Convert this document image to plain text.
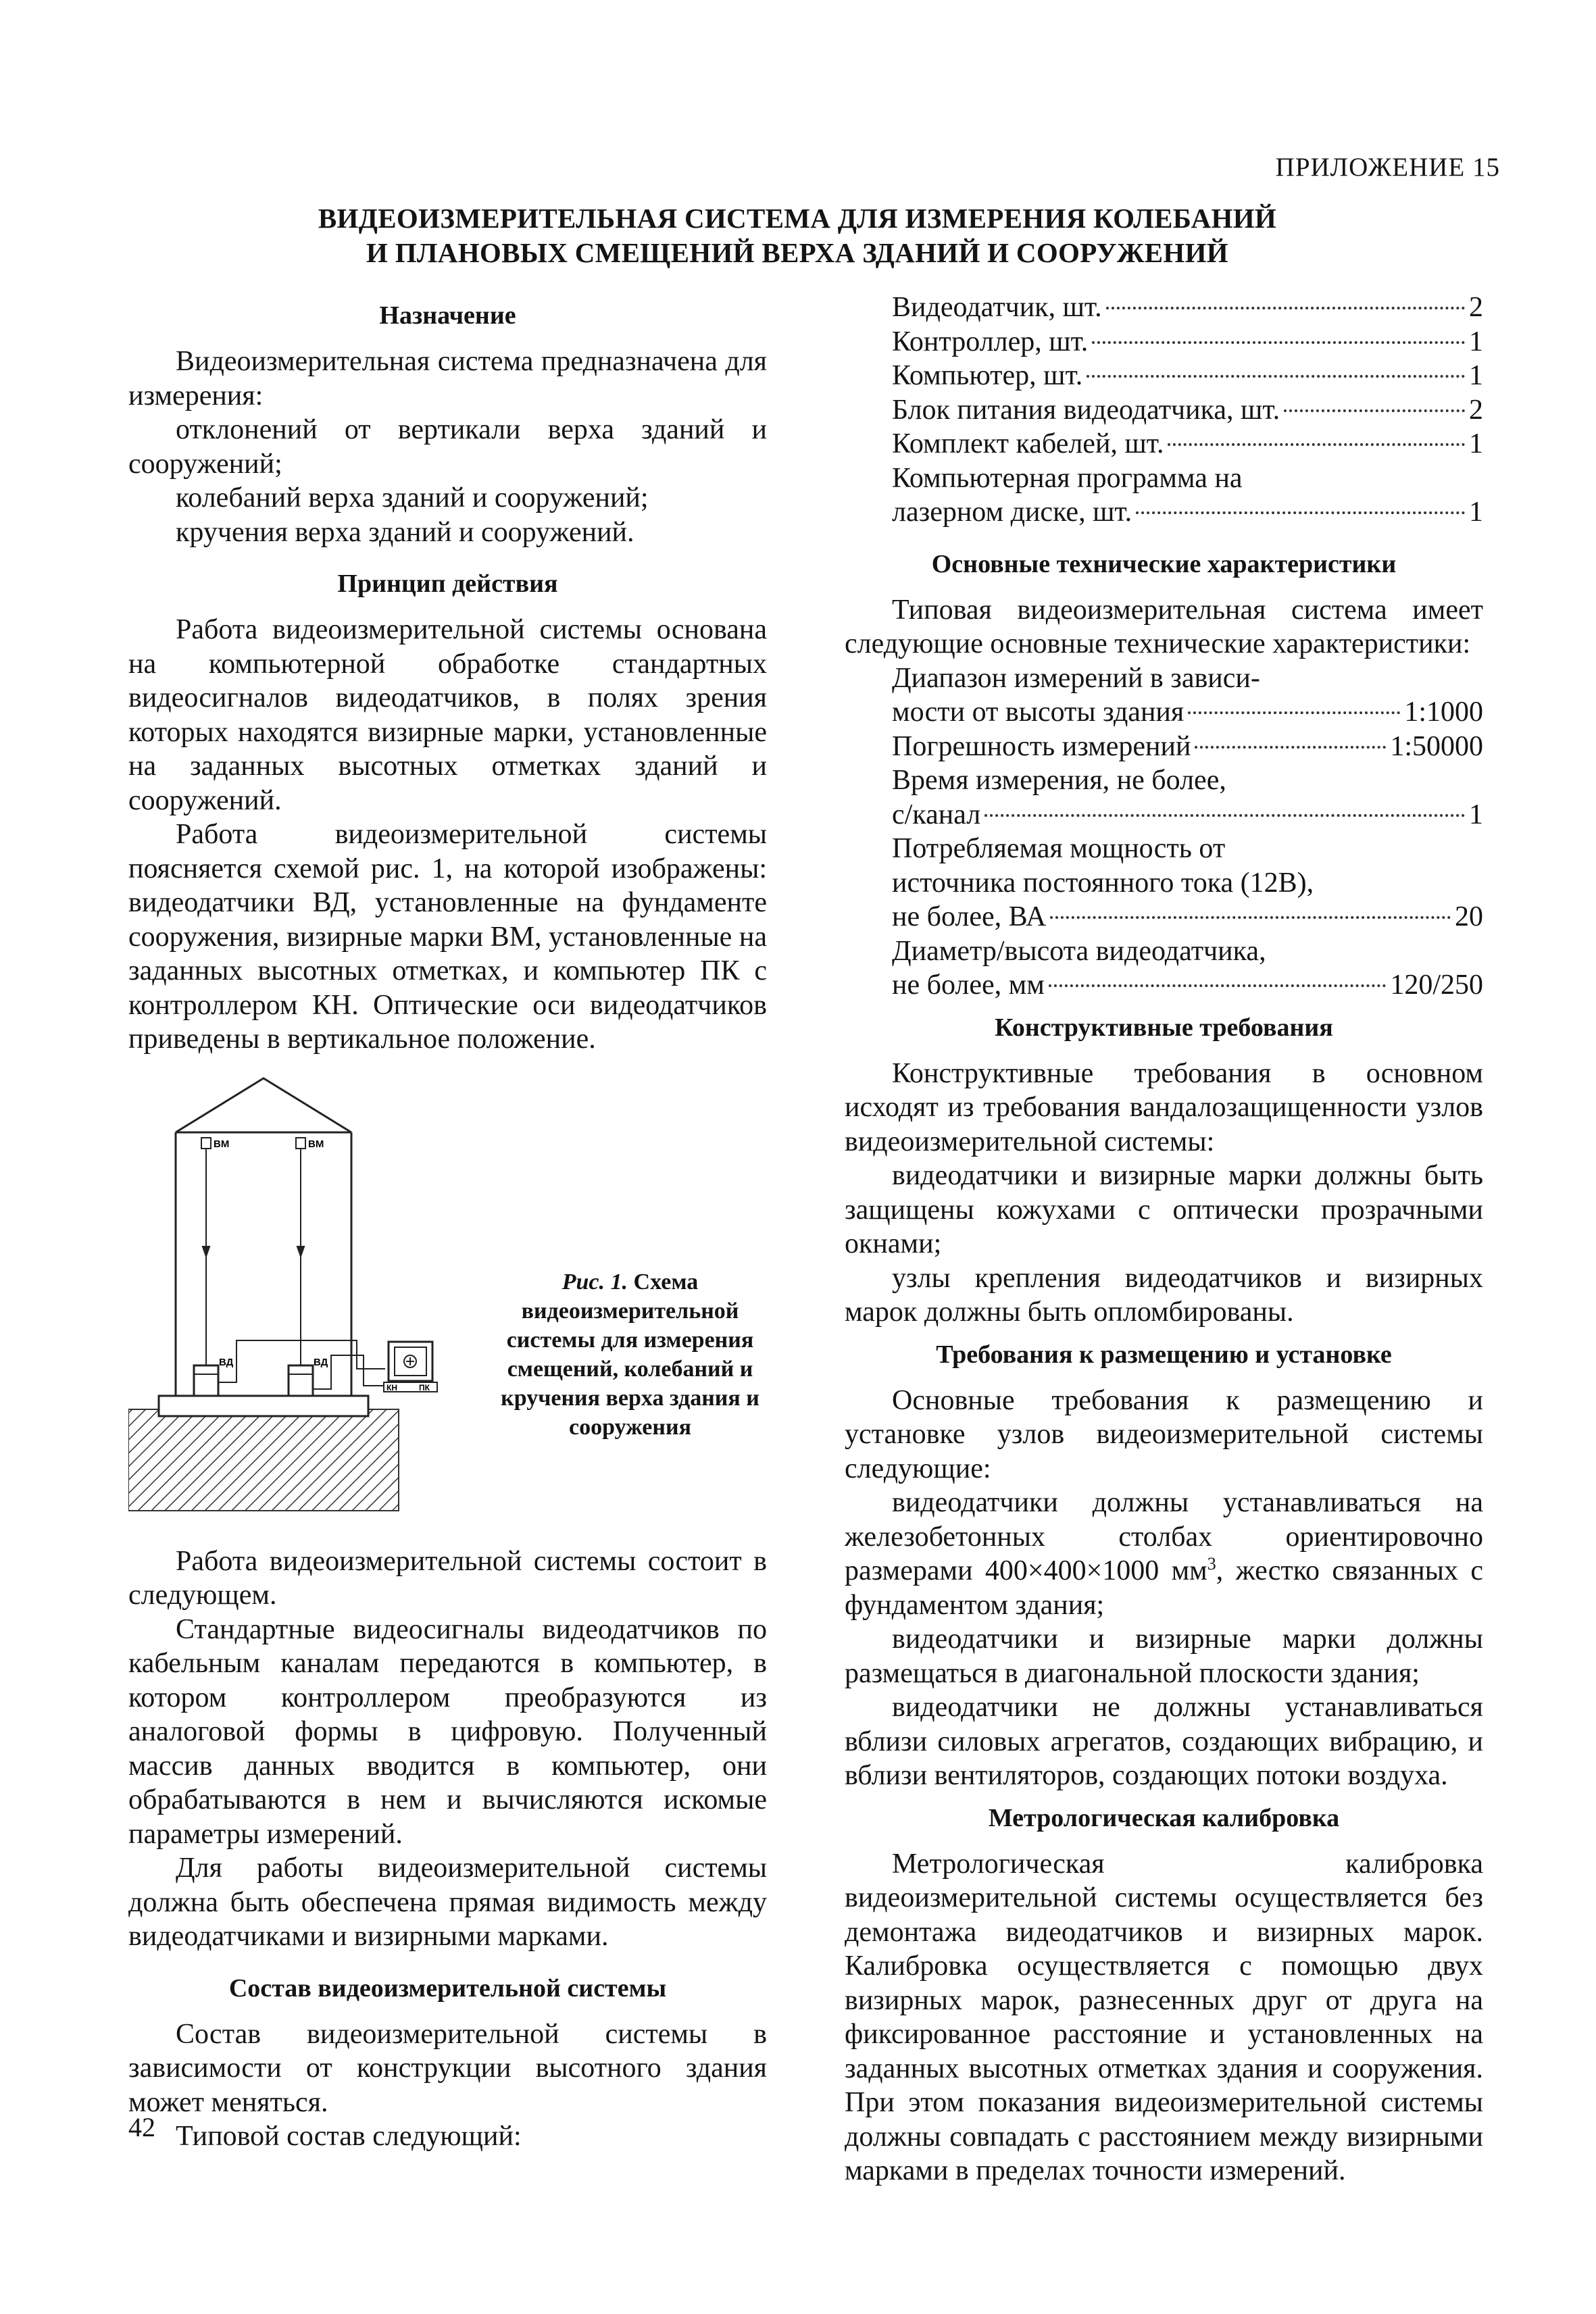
ПРИЛОЖЕНИЕ 15
ВИДЕОИЗМЕРИТЕЛЬНАЯ СИСТЕМА ДЛЯ ИЗМЕРЕНИЯ КОЛЕБАНИЙ
И ПЛАНОВЫХ СМЕЩЕНИЙ ВЕРХА ЗДАНИЙ И СООРУЖЕНИЙ
Назначение

Видеоизмерительная система предназначена для измерения:

отклонений от вертикали верха зданий и сооружений;

колебаний верха зданий и сооружений;

кручения верха зданий и сооружений.

Принцип действия

Работа видеоизмерительной системы основана на компьютерной обработке стандартных видеосигналов видеодатчиков, в полях зрения которых находятся визирные марки, установленные на заданных высотных отметках зданий и сооружений.

Работа видеоизмерительной системы поясняется схемой рис. 1, на которой изображены: видеодатчики ВД, установленные на фундаменте сооружения, визирные марки ВМ, установленные на заданных высотных отметках, и компьютер ПК с контроллером КН. Оптические оси видеодатчиков приведены в вертикальное положение.

ВМ	ВМ
ВД	ВД
КН	ПК
Рис. 1. Схема видеоизмерительной системы для измерения смещений, колебаний и кручения верха здания и сооружения

Работа видеоизмерительной системы состоит в следующем.

Стандартные видеосигналы видеодатчиков по кабельным каналам передаются в компьютер, в котором контроллером преобразуются из аналоговой формы в цифровую. Полученный массив данных вводится в компьютер, они обрабатываются в нем и вычисляются искомые параметры измерений.

Для работы видеоизмерительной системы должна быть обеспечена прямая видимость между видеодатчиками и визирными марками.

Состав видеоизмерительной системы

Состав видеоизмерительной системы в зависимости от конструкции высотного здания может меняться.

Типовой состав следующий:

Видеодатчик, шт.	2
Контроллер, шт.	1
Компьютер, шт.	1
Блок питания видеодатчика, шт.	2
Комплект кабелей, шт.	1
Компьютерная программа на
лазерном диске, шт.	1
Основные технические характеристики

Типовая видеоизмерительная система имеет следующие основные технические характеристики:

Диапазон измерений в зависи-
мости от высоты здания	1:1000
Погрешность измерений	1:50000
Время измерения, не более,
с/канал	1
Потребляемая мощность от
источника постоянного тока (12В),
не более, ВА	20
Диаметр/высота видеодатчика,
не более, мм	120/250
Конструктивные требования

Конструктивные требования в основном исходят из требования вандалозащищенности узлов видеоизмерительной системы:

видеодатчики и визирные марки должны быть защищены кожухами с оптически прозрачными окнами;

узлы крепления видеодатчиков и визирных марок должны быть опломбированы.

Требования к размещению и установке

Основные требования к размещению и установке узлов видеоизмерительной системы следующие:

видеодатчики должны устанавливаться на железобетонных столбах ориентировочно размерами 400×400×1000 $мм^3$, жестко связанных с фундаментом здания;

видеодатчики и визирные марки должны размещаться в диагональной плоскости здания;

видеодатчики не должны устанавливаться вблизи силовых агрегатов, создающих вибрацию, и вблизи вентиляторов, создающих потоки воздуха.

Метрологическая калибровка

Метрологическая калибровка видеоизмерительной системы осуществляется без демонтажа видеодатчиков и визирных марок. Калибровка осуществляется с помощью двух визирных марок, разнесенных друг от друга на фиксированное расстояние и установленных на заданных высотных отметках здания и сооружения. При этом показания видеоизмерительной системы должны совпадать с расстоянием между визирными марками в пределах точности измерений.

42
